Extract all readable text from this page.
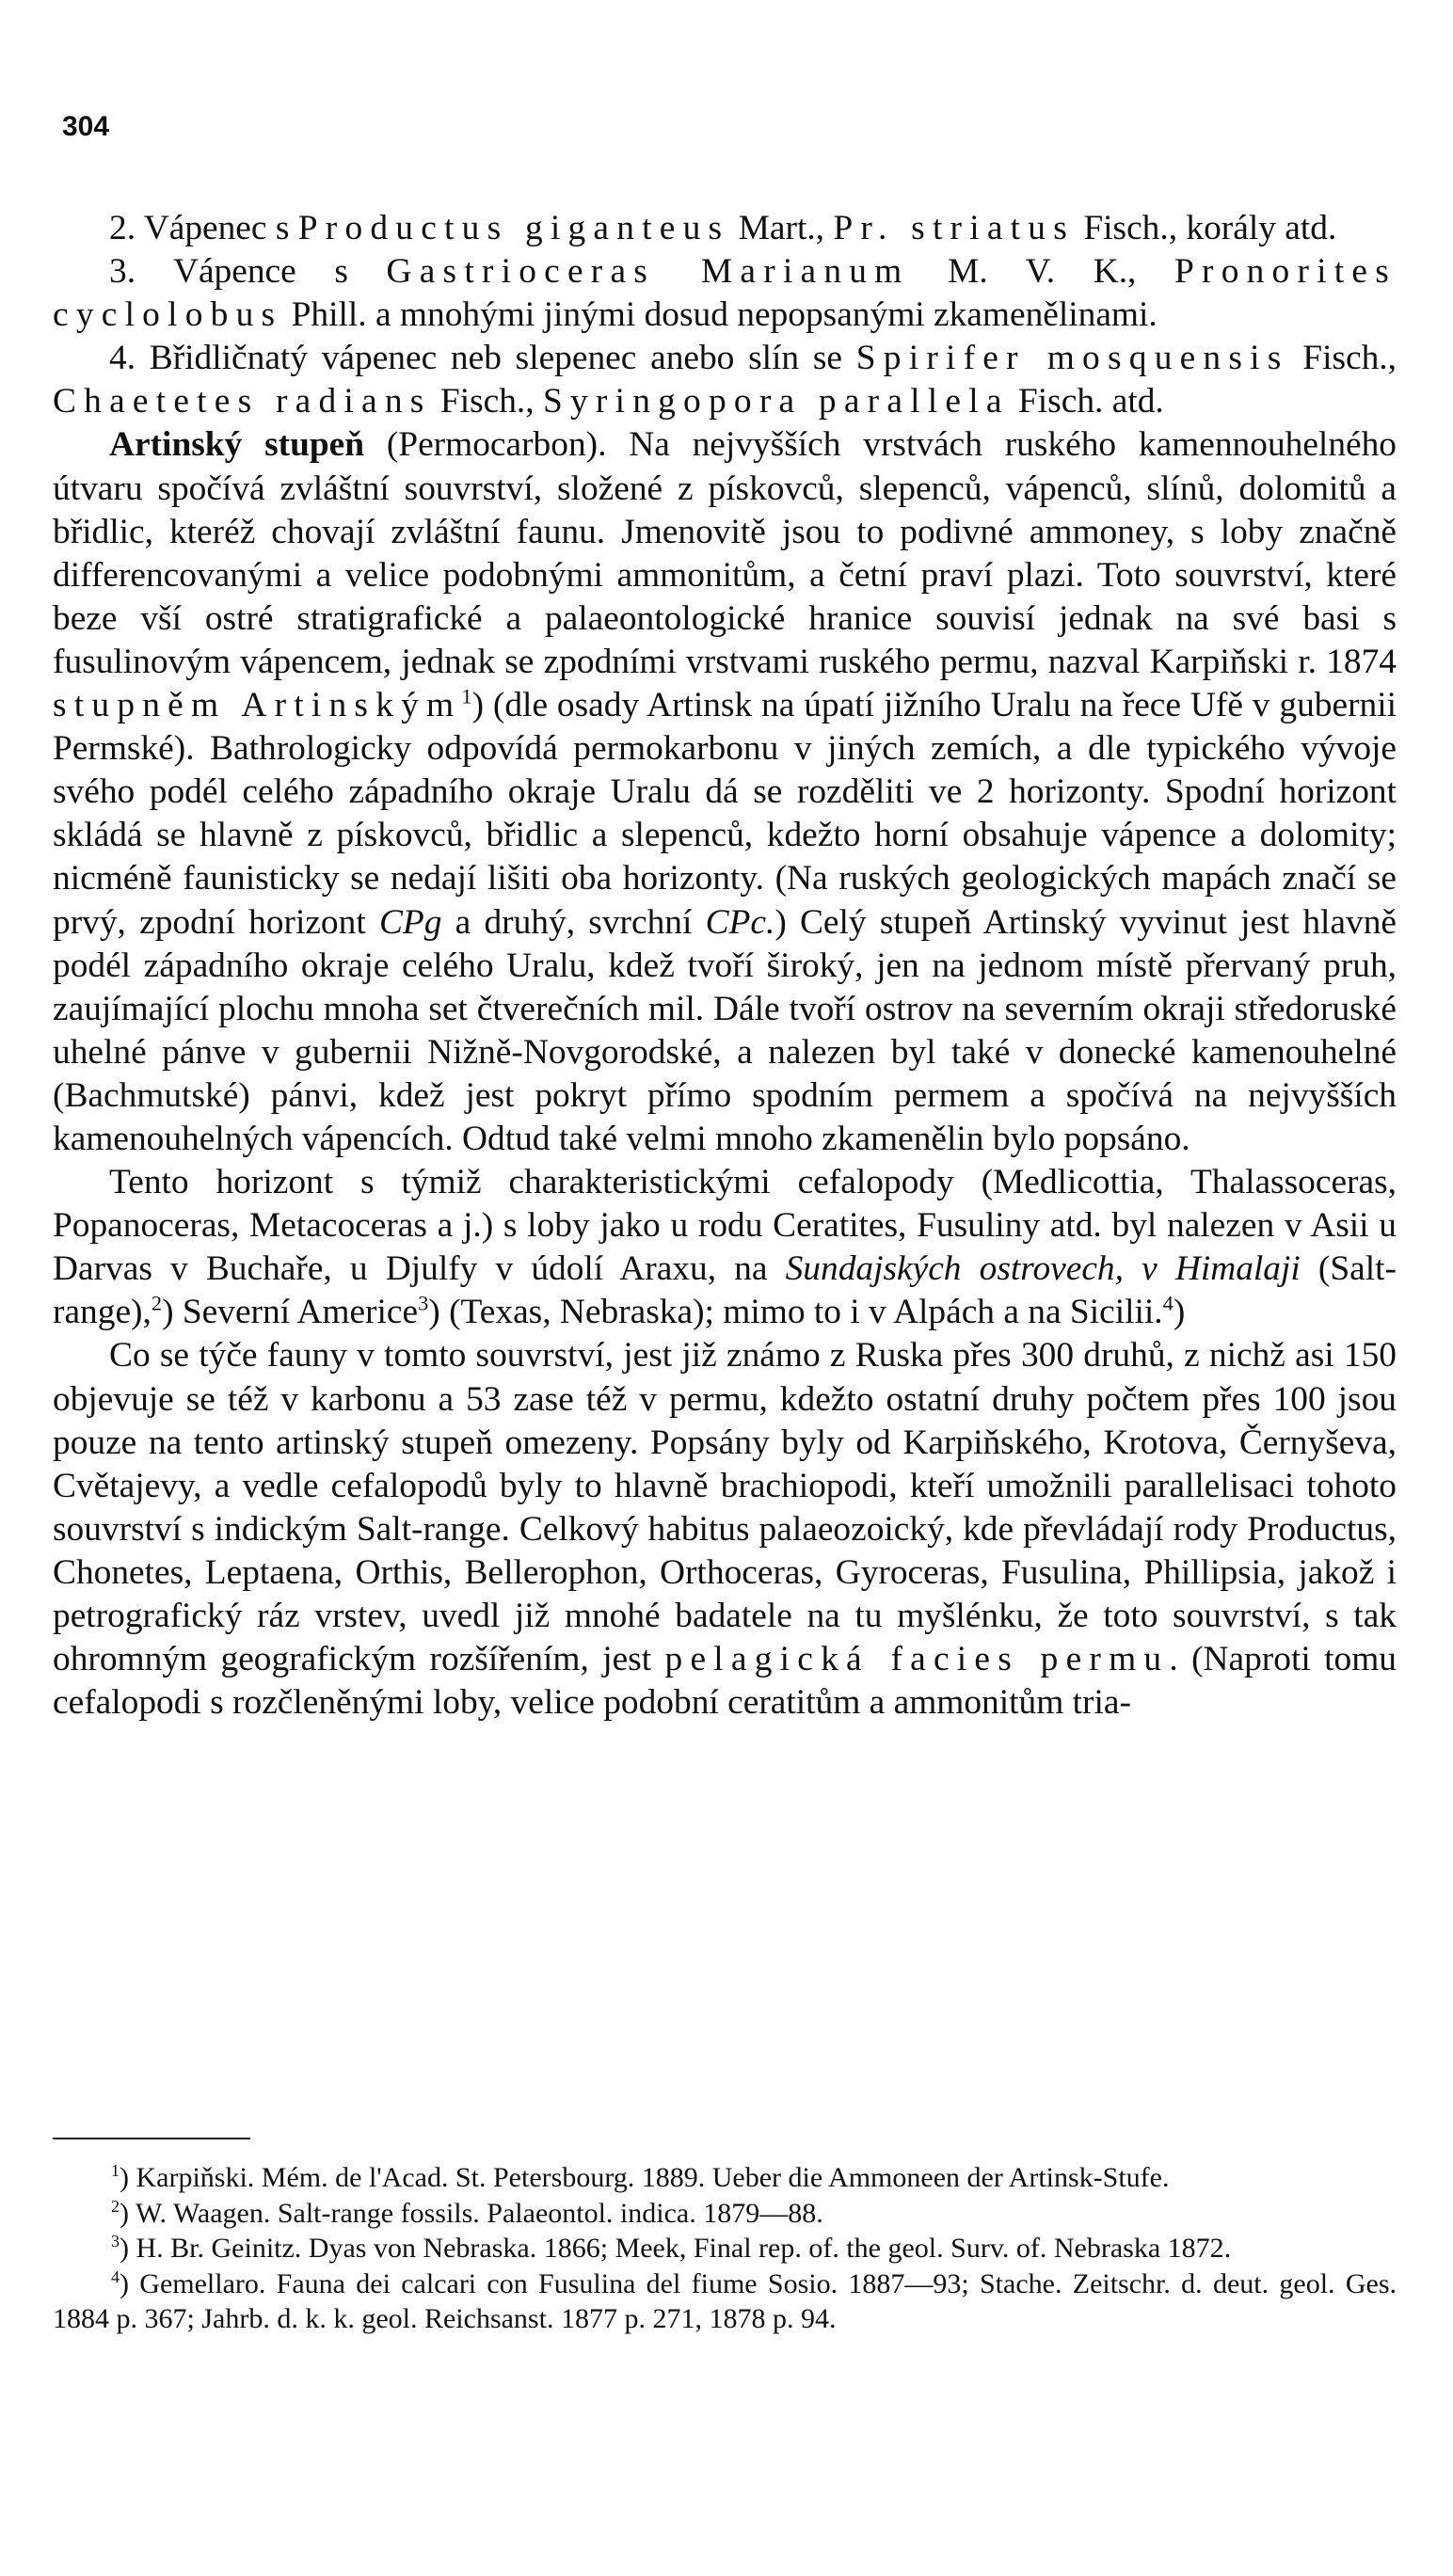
304

2. Vápenec s Productus giganteus Mart., Pr. striatus Fisch., korály atd.

3. Vápence s Gastrioceras Marianum M. V. K., Pronorites cyclolobus Phill. a mnohými jinými dosud nepopsanými zkamenělinami.

4. Břidličnatý vápenec neb slepenec anebo slín se Spirifer mosquensis Fisch., Chaetetes radians Fisch., Syringopora parallela Fisch. atd.

Artinský stupeň (Permocarbon). Na nejvyšších vrstvách ruského kamennouhelného útvaru spočívá zvláštní souvrství, složené z pískovců, slepenců, vápenců, slínů, dolomitů a břidlic, kteréž chovají zvláštní faunu. Jmenovitě jsou to podivné ammoney, s loby značně differencovanými a velice podobnými ammonitům, a četní praví plazi. Toto souvrství, které beze vší ostré stratigrafické a palaeontologické hranice souvisí jednak na své basi s fusulinovým vápencem, jednak se zpodními vrstvami ruského permu, nazval Karpiňski r. 1874 stupněm Artinským$^1$) (dle osady Artinsk na úpatí jižního Uralu na řece Ufě v gubernii Permské). Bathrologicky odpovídá permokarbonu v jiných zemích, a dle typického vývoje svého podél celého západního okraje Uralu dá se rozděliti ve 2 horizonty. Spodní horizont skládá se hlavně z pískovců, břidlic a slepenců, kdežto horní obsahuje vápence a dolomity; nicméně faunisticky se nedají lišiti oba horizonty. (Na ruských geologických mapách značí se prvý, zpodní horizont CPg a druhý, svrchní CPc.) Celý stupeň Artinský vyvinut jest hlavně podél západního okraje celého Uralu, kdež tvoří široký, jen na jednom místě přervaný pruh, zaujímající plochu mnoha set čtverečních mil. Dále tvoří ostrov na severním okraji středoruské uhelné pánve v gubernii Nižně-Novgorodské, a nalezen byl také v donecké kamenouhelné (Bachmutské) pánvi, kdež jest pokryt přímo spodním permem a spočívá na nejvyšších kamenouhelných vápencích. Odtud také velmi mnoho zkamenělin bylo popsáno.

Tento horizont s týmiž charakteristickými cefalopody (Medlicottia, Thalassoceras, Popanoceras, Metacoceras a j.) s loby jako u rodu Ceratites, Fusuliny atd. byl nalezen v Asii u Darvas v Buchaře, u Djulfy v údolí Araxu, na Sundajských ostrovech, v Himalaji (Salt-range),$^2$) Severní Americe$^3$) (Texas, Nebraska); mimo to i v Alpách a na Sicilii.$^4$)

Co se týče fauny v tomto souvrství, jest již známo z Ruska přes 300 druhů, z nichž asi 150 objevuje se též v karbonu a 53 zase též v permu, kdežto ostatní druhy počtem přes 100 jsou pouze na tento artinský stupeň omezeny. Popsány byly od Karpiňského, Krotova, Černyševa, Cvětajevy, a vedle cefalopodů byly to hlavně brachiopodi, kteří umožnili parallelisaci tohoto souvrství s indickým Salt-range. Celkový habitus palaeozoický, kde převládají rody Productus, Chonetes, Leptaena, Orthis, Bellerophon, Orthoceras, Gyroceras, Fusulina, Phillipsia, jakož i petrografický ráz vrstev, uvedl již mnohé badatele na tu myšlénku, že toto souvrství, s tak ohromným geografickým rozšířením, jest pelagická facies permu. (Naproti tomu cefalopodi s rozčleněnými loby, velice podobní ceratitům a ammonitům tria-

$^1$) Karpiňski. Mém. de l'Acad. St. Petersbourg. 1889. Ueber die Ammoneen der Artinsk-Stufe.

$^2$) W. Waagen. Salt-range fossils. Palaeontol. indica. 1879—88.

$^3$) H. Br. Geinitz. Dyas von Nebraska. 1866; Meek, Final rep. of. the geol. Surv. of. Nebraska 1872.

$^4$) Gemellaro. Fauna dei calcari con Fusulina del fiume Sosio. 1887—93; Stache. Zeitschr. d. deut. geol. Ges. 1884 p. 367; Jahrb. d. k. k. geol. Reichsanst. 1877 p. 271, 1878 p. 94.
